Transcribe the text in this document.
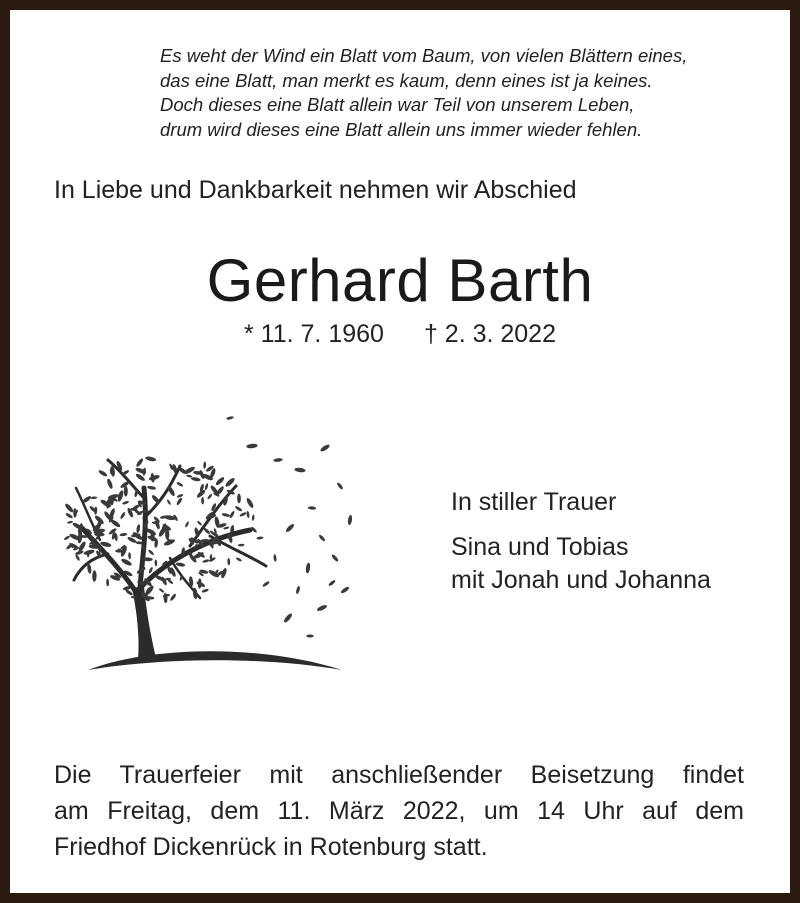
Es weht der Wind ein Blatt vom Baum, von vielen Blättern eines,
das eine Blatt, man merkt es kaum, denn eines ist ja keines.
Doch dieses eine Blatt allein war Teil von unserem Leben,
drum wird dieses eine Blatt allein uns immer wieder fehlen.
In Liebe und Dankbarkeit nehmen wir Abschied
Gerhard Barth
* 11. 7. 1960 † 2. 3. 2022
In stiller Trauer
Sina und Tobias
mit Jonah und Johanna
Die Trauerfeier mit anschließender Beisetzung findet
am Freitag, dem 11. März 2022, um 14 Uhr auf dem
Friedhof Dickenrück in Rotenburg statt.
